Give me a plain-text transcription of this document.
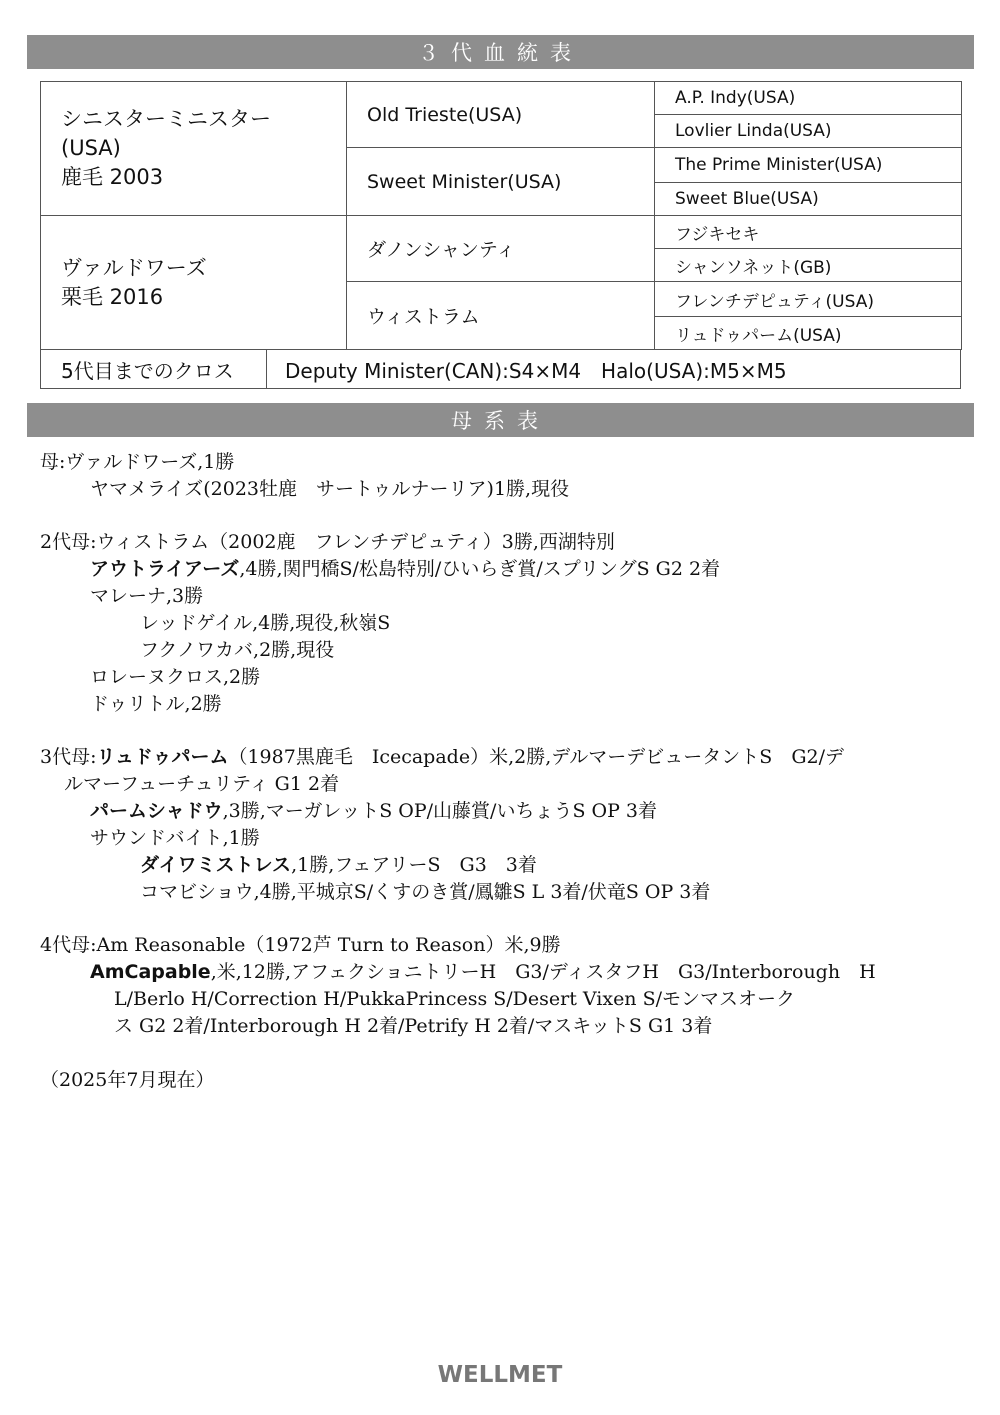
３代血統表
シニスターミニスター
(USA)
鹿毛 2003	Old Trieste(USA)	A.P. Indy(USA)
		Lovlier Linda(USA)
	Sweet Minister(USA)	The Prime Minister(USA)
		Sweet Blue(USA)

ヴァルドワーズ
栗毛 2016	ダノンシャンティ	フジキセキ
		シャンソネット(GB)
	ウィストラム	フレンチデピュティ(USA)
		リュドゥパーム(USA)
5代目までのクロス	Deputy Minister(CAN):S4×M4　Halo(USA):M5×M5
母系表
母:ヴァルドワーズ,1勝
ヤマメライズ(2023牡鹿　サートゥルナーリア)1勝,現役
2代母:ウィストラム（2002鹿　フレンチデピュティ）3勝,西湖特別
アウトライアーズ,4勝,関門橋S/松島特別/ひいらぎ賞/スプリングS G2 2着
マレーナ,3勝
レッドゲイル,4勝,現役,秋嶺S
フクノワカバ,2勝,現役
ロレーヌクロス,2勝
ドゥリトル,2勝
3代母:リュドゥパーム（1987黒鹿毛　Icecapade）米,2勝,デルマーデビュータントS　G2/デ
ルマーフューチュリティ G1 2着
パームシャドウ,3勝,マーガレットS OP/山藤賞/いちょうS OP 3着
サウンドバイト,1勝
ダイワミストレス,1勝,フェアリーS　G3　3着
コマビショウ,4勝,平城京S/くすのき賞/鳳雛S L 3着/伏竜S OP 3着
4代母:Am Reasonable（1972芦 Turn to Reason）米,9勝
AmCapable,米,12勝,アフェクショニトリーH　G3/ディスタフH　G3/Interborough　H
L/Berlo H/Correction H/PukkaPrincess S/Desert Vixen S/モンマスオーク
ス G2 2着/Interborough H 2着/Petrify H 2着/マスキットS G1 3着
（2025年7月現在）
WELLMET
